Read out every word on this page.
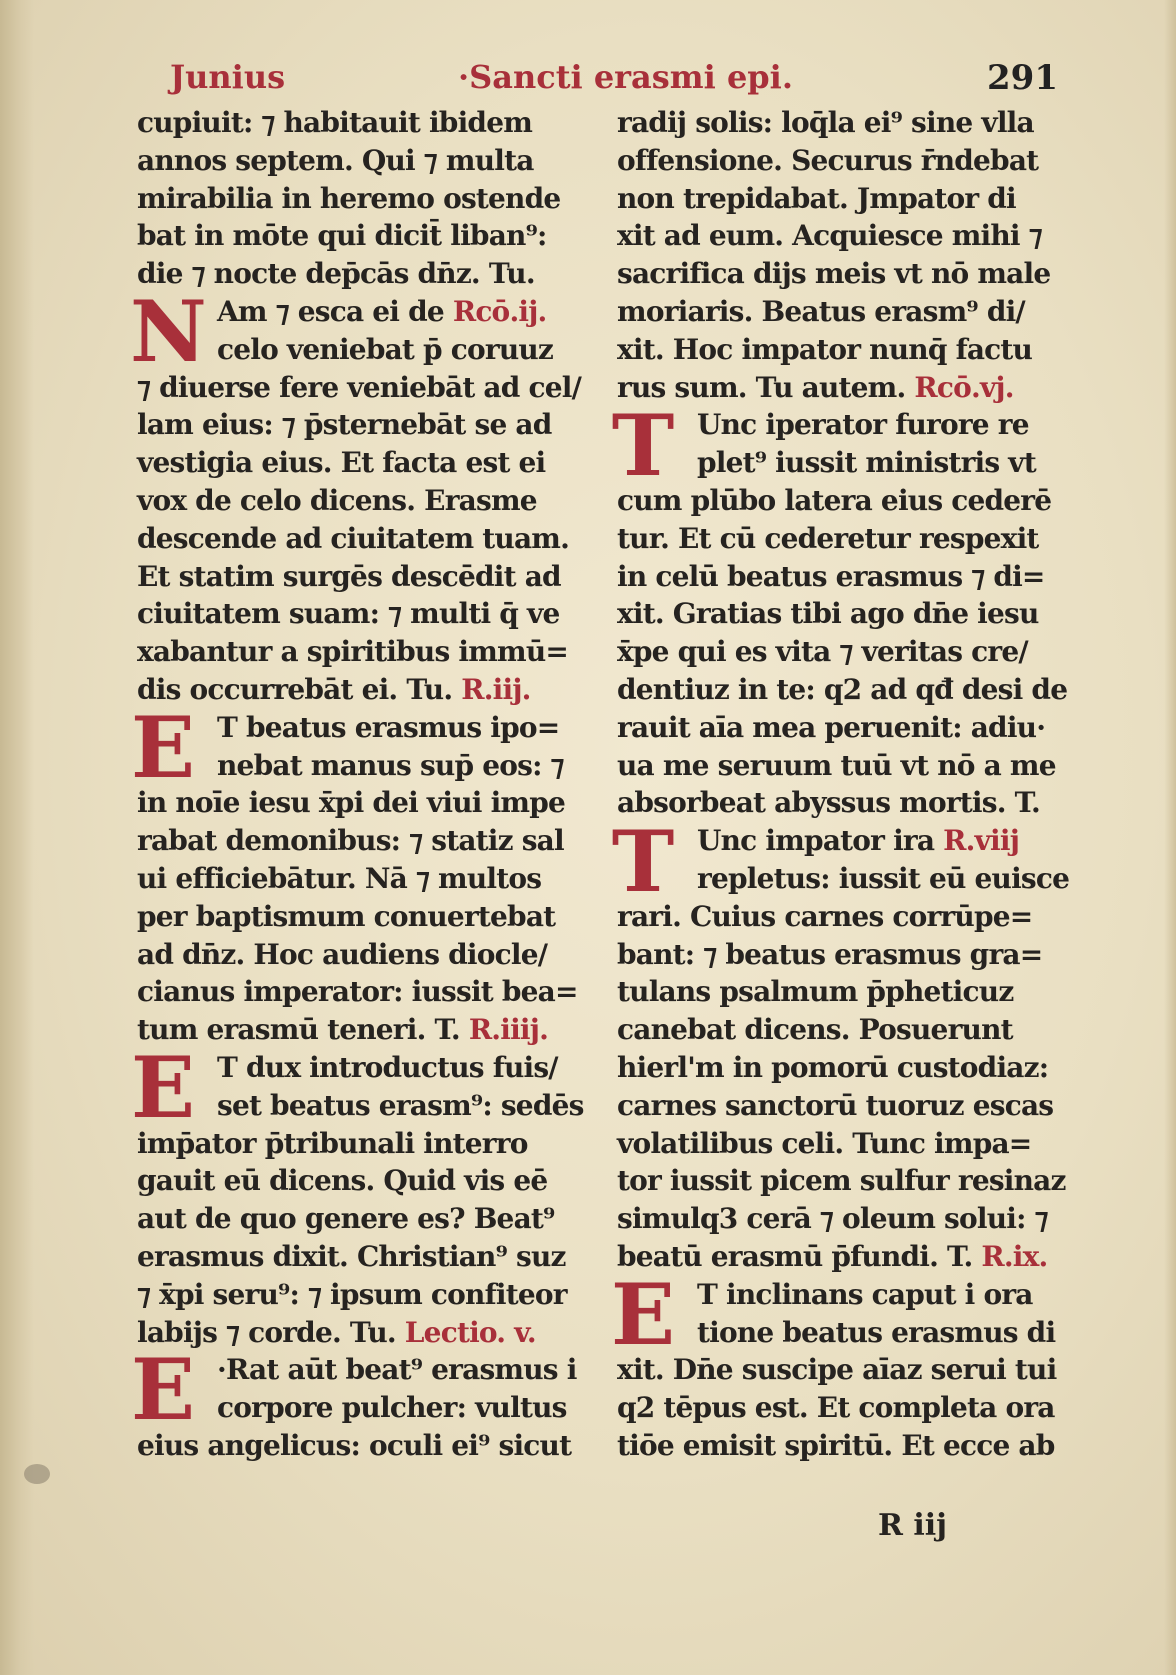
Junius	·Sancti erasmi epi.	291
cupiuit: ⁊ habitauit ibidem
annos septem. Qui ⁊ multa
mirabilia in heremo ostende
bat in mōte qui dicit̄ liban⁹:
die ⁊ nocte dep̄cās dn̄z. Tu.
Am ⁊ esca ei de Rcō.ij.
celo veniebat p̄ coruuz
⁊ diuerse fere veniebāt ad cel/
lam eius: ⁊ p̄sternebāt se ad
vestigia eius. Et facta est ei
vox de celo dicens. Erasme
descende ad ciuitatem tuam.
Et statim surgēs descēdit ad
ciuitatem suam: ⁊ multi q̄ ve
xabantur a spiritibus immū=
dis occurrebāt ei. Tu. R.iij.
T beatus erasmus ipo=
nebat manus sup̄ eos: ⁊
in noīe iesu x̄pi dei viui impe
rabat demonibus: ⁊ statiz sal
ui efficiebātur. Nā ⁊ multos
per baptismum conuertebat
ad dn̄z. Hoc audiens diocle/
cianus imperator: iussit bea=
tum erasmū teneri. T. R.iiij.
T dux introductus fuis/
set beatus erasm⁹: sedēs
imp̄ator p̄tribunali interro
gauit eū dicens. Quid vis eē
aut de quo genere es? Beat⁹
erasmus dixit. Christian⁹ suz
⁊ x̄pi seru⁹: ⁊ ipsum confiteor
labijs ⁊ corde. Tu. Lectio. v.
·Rat aūt beat⁹ erasmus i
corpore pulcher: vultus
eius angelicus: oculi ei⁹ sicut
radij solis: loq̄la ei⁹ sine vlla
offensione. Securus r̄ndebat
non trepidabat. Jmpator di
xit ad eum. Acquiesce mihi ⁊
sacrifica dijs meis vt nō male
moriaris. Beatus erasm⁹ di/
xit. Hoc impator nunq̄ factu
rus sum. Tu autem. Rcō.vj.
Unc iperator furore re
plet⁹ iussit ministris vt
cum plūbo latera eius cederē
tur. Et cū cederetur respexit
in celū beatus erasmus ⁊ di=
xit. Gratias tibi ago dn̄e iesu
x̄pe qui es vita ⁊ veritas cre/
dentiuz in te: q2 ad qđ desi de
rauit aīa mea peruenit: adiu·
ua me seruum tuū vt nō a me
absorbeat abyssus mortis. T.
Unc impator ira R.viij
repletus: iussit eū euisce
rari. Cuius carnes corrūpe=
bant: ⁊ beatus erasmus gra=
tulans psalmum p̄pheticuz
canebat dicens. Posuerunt
hierl'm in pomorū custodiaz:
carnes sanctorū tuoruz escas
volatilibus celi. Tunc impa=
tor iussit picem sulfur resinaz
simulq3 cerā ⁊ oleum solui: ⁊
beatū erasmū p̄fundi. T. R.ix.
T inclinans caput i ora
tione beatus erasmus di
xit. Dn̄e suscipe aīaz serui tui
q2 tēpus est. Et completa ora
tiōe emisit spiritū. Et ecce ab
N
E
E
E
T
T
E
R iij
